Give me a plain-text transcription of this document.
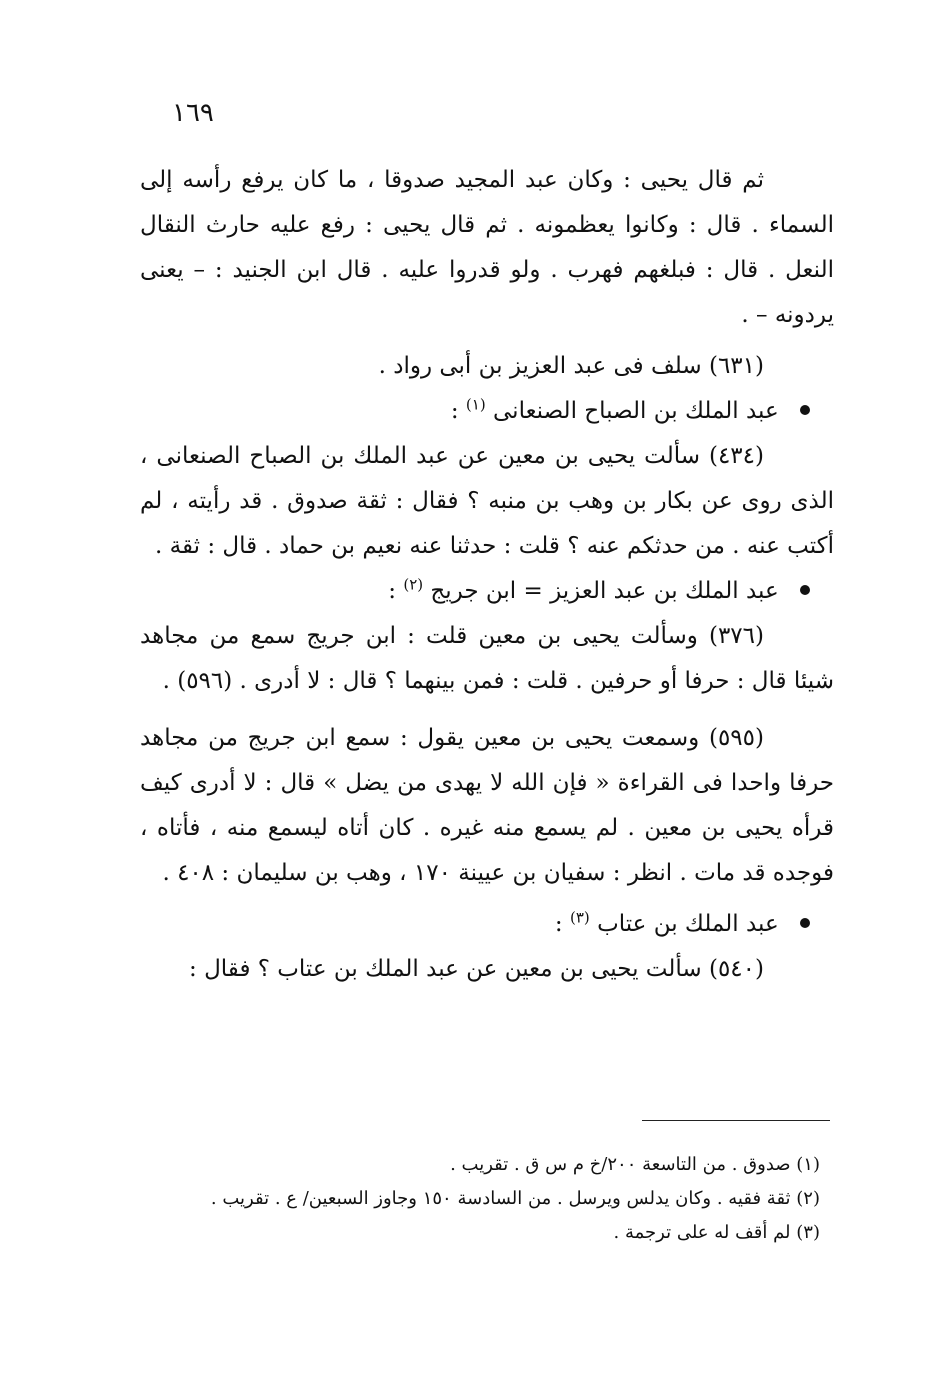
١٦٩

ثم قال يحيى : وكان عبد المجيد صدوقا ، ما كان يرفع رأسه إلى السماء . قال : وكانوا يعظمونه . ثم قال يحيى : رفع عليه حارث النقال النعل . قال : فبلغهم فهرب . ولو قدروا عليه . قال ابن الجنيد : – يعنى يردونه – .

(٦٣١) سلف فى عبد العزيز بن أبى رواد .

عبد الملك بن الصباح الصنعانى $^{(١)}$ :

(٤٣٤) سألت يحيى بن معين عن عبد الملك بن الصباح الصنعانى ، الذى روى عن بكار بن وهب بن منبه ؟ فقال : ثقة صدوق . قد رأيته ، لم أكتب عنه . من حدثكم عنه ؟ قلت : حدثنا عنه نعيم بن حماد . قال : ثقة .

عبد الملك بن عبد العزيز = ابن جريج $^{(٢)}$ :

(٣٧٦) وسألت يحيى بن معين قلت : ابن جريج سمع من مجاهد شيئا قال : حرفا أو حرفين . قلت : فمن بينهما ؟ قال : لا أدرى . (٥٩٦) .

(٥٩٥) وسمعت يحيى بن معين يقول : سمع ابن جريج من مجاهد حرفا واحدا فى القراءة « فإن الله لا يهدى من يضل » قال : لا أدرى كيف قرأه يحيى بن معين . لم يسمع منه غيره . كان أتاه ليسمع منه ، فأتاه ، فوجده قد مات . انظر : سفيان بن عيينة ١٧٠ ، وهب بن سليمان : ٤٠٨ .

عبد الملك بن عتاب $^{(٣)}$ :

(٥٤٠) سألت يحيى بن معين عن عبد الملك بن عتاب ؟ فقال :

(١) صدوق . من التاسعة ٢٠٠/خ م س ق . تقريب .

(٢) ثقة فقيه . وكان يدلس ويرسل . من السادسة ١٥٠ وجاوز السبعين/ ع . تقريب .

(٣) لم أقف له على ترجمة .
